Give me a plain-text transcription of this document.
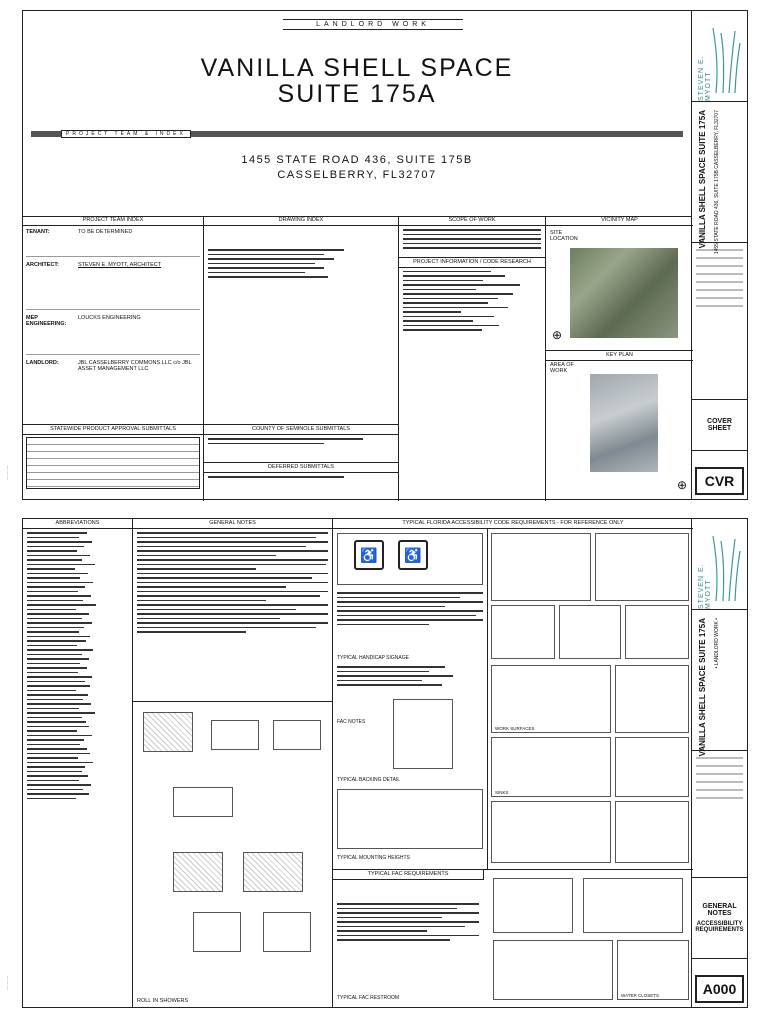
— — —
LANDLORD WORK
VANILLA SHELL SPACE
SUITE 175A
PROJECT TEAM & INDEX
1455 STATE ROAD 436, SUITE 175B
CASSELBERRY, FL32707
PROJECT TEAM INDEX
TENANT:	TO BE DETERMINED
ARCHITECT:	STEVEN E. MYOTT, ARCHITECT
MEP ENGINEERING:
LOUCKS ENGINEERING
LANDLORD:	JBL CASSELBERRY COMMONS LLC c/o JBL ASSET MANAGEMENT LLC
DRAWING INDEX	SCOPE OF WORK
PROJECT INFORMATION / CODE RESEARCH
VICINITY MAP
SITE LOCATION
⊕
KEY PLAN
AREA OF WORK
⊕
STATEWIDE PRODUCT APPROVAL SUBMITTALS	COUNTY OF SEMINOLE SUBMITTALS
DEFERRED SUBMITTALS
STEVEN E. MYOTT
VANILLA SHELL SPACE SUITE 175A 1455 STATE ROAD 436, SUITE 175B CASSELBERRY, FL32707
COVER
SHEET
CVR
— — —
ABBREVIATIONS	GENERAL NOTES
ROLL IN SHOWERS
TYPICAL FLORIDA ACCESSIBILITY CODE REQUIREMENTS - FOR REFERENCE ONLY
♿	♿
TYPICAL HANDICAP SIGNAGE
FAC NOTES
TYPICAL BACKING DETAIL
TYPICAL MOUNTING HEIGHTS
WORK SURFACES
SINKS
TYPICAL FAC REQUIREMENTS
TYPICAL FAC RESTROOM	WATER CLOSETS
STEVEN E. MYOTT
VANILLA SHELL SPACE SUITE 175A • LANDLORD WORK •
GENERAL
NOTES
ACCESSIBILITY
REQUIREMENTS
A000
